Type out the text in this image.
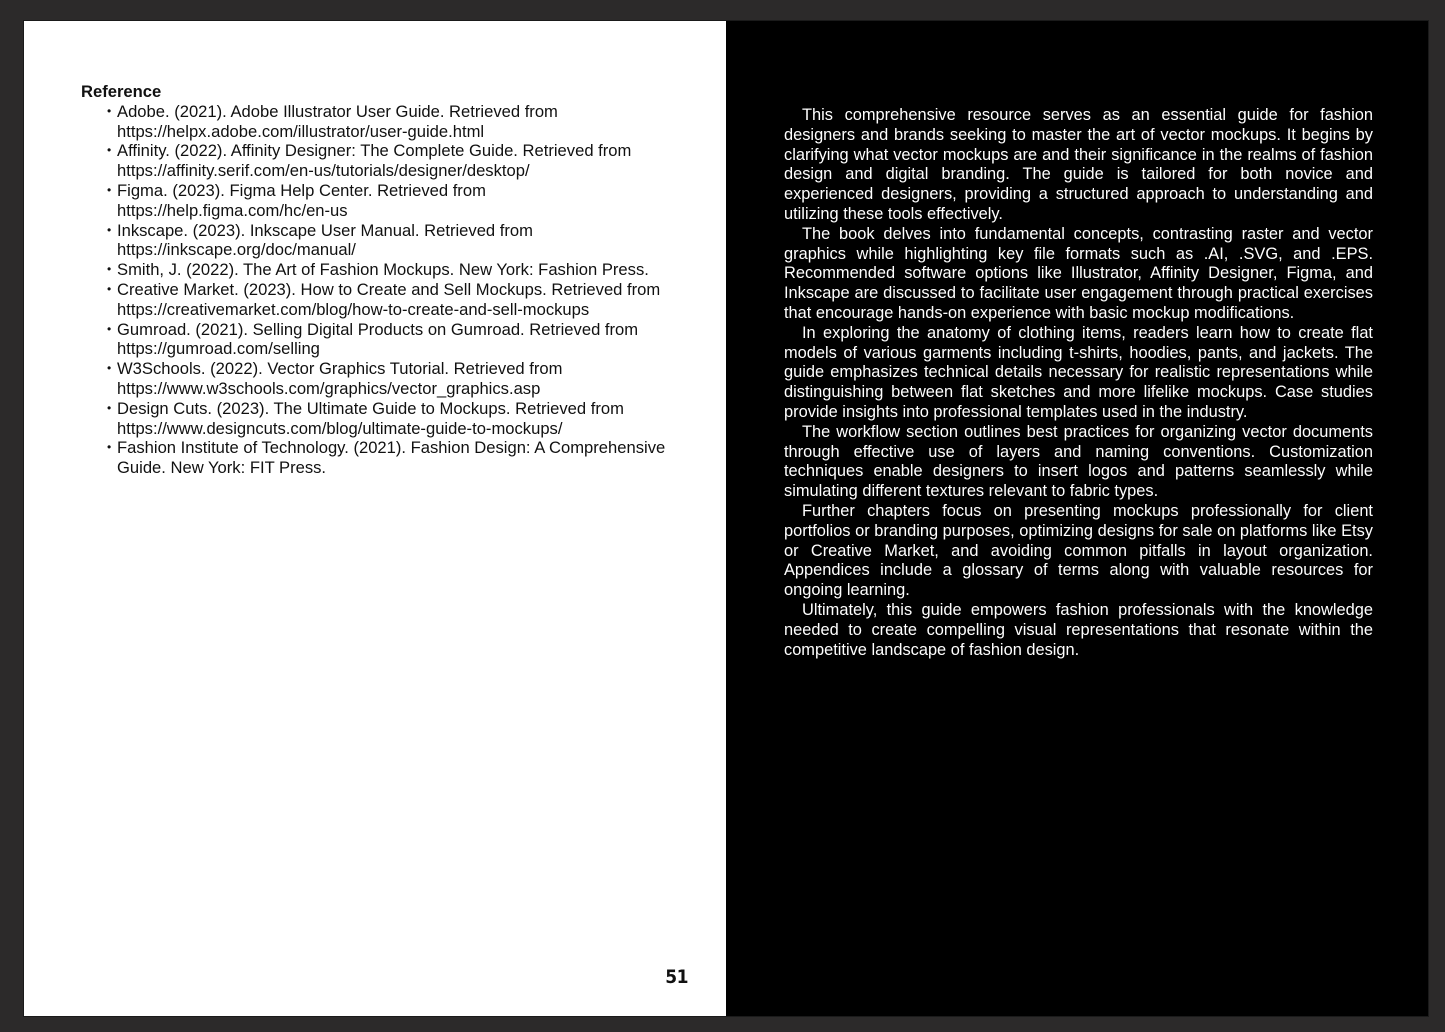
Reference
• Adobe. (2021). Adobe Illustrator User Guide. Retrieved from https://helpx.adobe.com/illustrator/user-guide.html
• Affinity. (2022). Affinity Designer: The Complete Guide. Retrieved from https://affinity.serif.com/en-us/tutorials/designer/desktop/
• Figma. (2023). Figma Help Center. Retrieved from https://help.figma.com/hc/en-us
• Inkscape. (2023). Inkscape User Manual. Retrieved from https://inkscape.org/doc/manual/
• Smith, J. (2022). The Art of Fashion Mockups. New York: Fashion Press.
• Creative Market. (2023). How to Create and Sell Mockups. Retrieved from https://creativemarket.com/blog/how-to-create-and-sell-mockups
• Gumroad. (2021). Selling Digital Products on Gumroad. Retrieved from https://gumroad.com/selling
• W3Schools. (2022). Vector Graphics Tutorial. Retrieved from https://www.w3schools.com/graphics/vector_graphics.asp
• Design Cuts. (2023). The Ultimate Guide to Mockups. Retrieved from https://www.designcuts.com/blog/ultimate-guide-to-mockups/
• Fashion Institute of Technology. (2021). Fashion Design: A Comprehensive Guide. New York: FIT Press.
51

This comprehensive resource serves as an essential guide for fashion designers and brands seeking to master the art of vector mockups. It begins by clarifying what vector mockups are and their significance in the realms of fashion design and digital branding. The guide is tailored for both novice and experienced designers, providing a structured approach to understanding and utilizing these tools effectively.

The book delves into fundamental concepts, contrasting raster and vector graphics while highlighting key file formats such as .AI, .SVG, and .EPS. Recommended software options like Illustrator, Affinity Designer, Figma, and Inkscape are discussed to facilitate user engagement through practical exercises that encourage hands-on experience with basic mockup modifications.

In exploring the anatomy of clothing items, readers learn how to create flat models of various garments including t-shirts, hoodies, pants, and jackets. The guide emphasizes technical details necessary for realistic representations while distinguishing between flat sketches and more lifelike mockups. Case studies provide insights into professional templates used in the industry.

The workflow section outlines best practices for organizing vector documents through effective use of layers and naming conventions. Customization techniques enable designers to insert logos and patterns seamlessly while simulating different textures relevant to fabric types.

Further chapters focus on presenting mockups professionally for client portfolios or branding purposes, optimizing designs for sale on platforms like Etsy or Creative Market, and avoiding common pitfalls in layout organization. Appendices include a glossary of terms along with valuable resources for ongoing learning.

Ultimately, this guide empowers fashion professionals with the knowledge needed to create compelling visual representations that resonate within the competitive landscape of fashion design.
